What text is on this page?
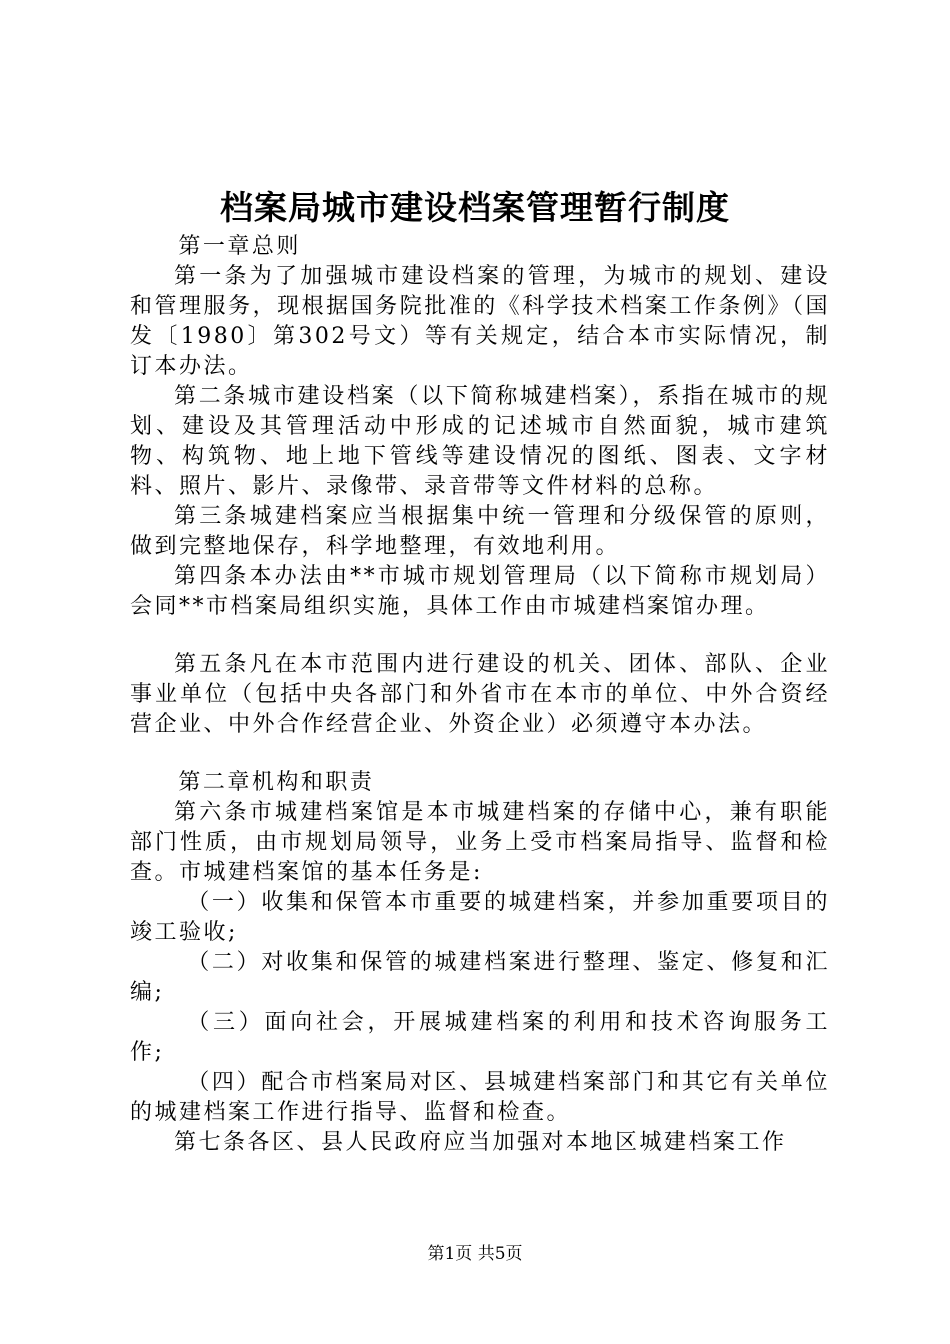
档案局城市建设档案管理暂行制度

第一章总则

第一条为了加强城市建设档案的管理，为城市的规划、建设和管理服务，现根据国务院批准的《科学技术档案工作条例》（国发〔1980〕第302号文）等有关规定，结合本市实际情况，制订本办法。

第二条城市建设档案（以下简称城建档案），系指在城市的规划、建设及其管理活动中形成的记述城市自然面貌，城市建筑物、构筑物、地上地下管线等建设情况的图纸、图表、文字材料、照片、影片、录像带、录音带等文件材料的总称。

第三条城建档案应当根据集中统一管理和分级保管的原则，做到完整地保存，科学地整理，有效地利用。

第四条本办法由**市城市规划管理局（以下简称市规划局）会同**市档案局组织实施，具体工作由市城建档案馆办理。

第五条凡在本市范围内进行建设的机关、团体、部队、企业事业单位（包括中央各部门和外省市在本市的单位、中外合资经营企业、中外合作经营企业、外资企业）必须遵守本办法。

第二章机构和职责

第六条市城建档案馆是本市城建档案的存储中心，兼有职能部门性质，由市规划局领导，业务上受市档案局指导、监督和检查。市城建档案馆的基本任务是:

（一）收集和保管本市重要的城建档案，并参加重要项目的竣工验收;

（二）对收集和保管的城建档案进行整理、鉴定、修复和汇编;

（三）面向社会，开展城建档案的利用和技术咨询服务工作;

（四）配合市档案局对区、县城建档案部门和其它有关单位的城建档案工作进行指导、监督和检查。

第七条各区、县人民政府应当加强对本地区城建档案工作

第1页 共5页
